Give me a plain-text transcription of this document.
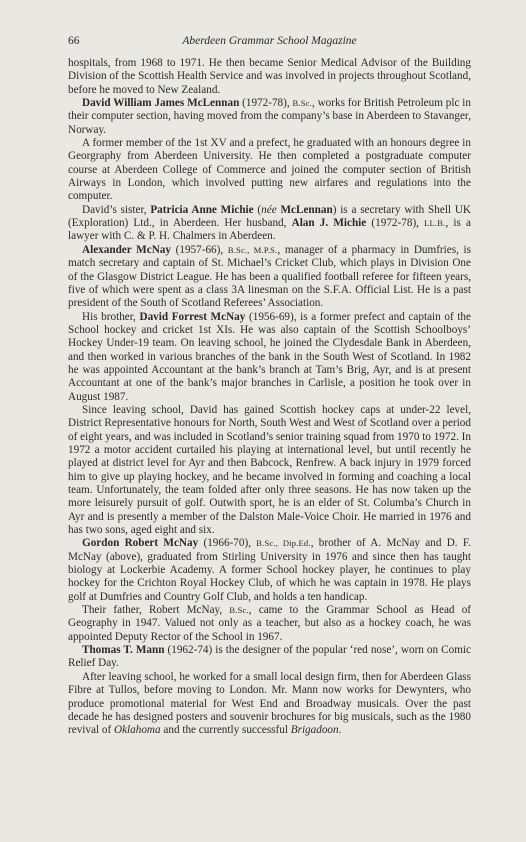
66	Aberdeen Grammar School Magazine

hospitals, from 1968 to 1971. He then became Senior Medical Advisor of the Building Division of the Scottish Health Service and was involved in projects throughout Scotland, before he moved to New Zealand.

David William James McLennan (1972-78), B.Sc., works for British Petroleum plc in their computer section, having moved from the company’s base in Aberdeen to Stavanger, Norway.

A former member of the 1st XV and a prefect, he graduated with an honours degree in Georgraphy from Aberdeen University. He then completed a postgraduate computer course at Aberdeen College of Commerce and joined the computer section of British Airways in London, which involved putting new airfares and regulations into the computer.

David’s sister, Patricia Anne Michie (née McLennan) is a secretary with Shell UK (Exploration) Ltd., in Aberdeen. Her husband, Alan J. Michie (1972-78), LL.B., is a lawyer with C. & P. H. Chalmers in Aberdeen.

Alexander McNay (1957-66), B.Sc., M.P.S., manager of a pharmacy in Dumfries, is match secretary and captain of St. Michael’s Cricket Club, which plays in Division One of the Glasgow District League. He has been a qualified football referee for fifteen years, five of which were spent as a class 3A linesman on the S.F.A. Official List. He is a past president of the South of Scotland Referees’ Association.

His brother, David Forrest McNay (1956-69), is a former prefect and captain of the School hockey and cricket 1st XIs. He was also captain of the Scottish Schoolboys’ Hockey Under-19 team. On leaving school, he joined the Clydesdale Bank in Aberdeen, and then worked in various branches of the bank in the South West of Scotland. In 1982 he was appointed Accountant at the bank’s branch at Tam’s Brig, Ayr, and is at present Accountant at one of the bank’s major branches in Carlisle, a position he took over in August 1987.

Since leaving school, David has gained Scottish hockey caps at under-22 level, District Representative honours for North, South West and West of Scotland over a period of eight years, and was included in Scotland’s senior training squad from 1970 to 1972. In 1972 a motor accident curtailed his playing at international level, but until recently he played at district level for Ayr and then Babcock, Renfrew. A back injury in 1979 forced him to give up playing hockey, and he became involved in forming and coaching a local team. Unfortunately, the team folded after only three seasons. He has now taken up the more leisurely pursuit of golf. Outwith sport, he is an elder of St. Columba’s Church in Ayr and is presently a member of the Dalston Male-Voice Choir. He married in 1976 and has two sons, aged eight and six.

Gordon Robert McNay (1966-70), B.Sc., Dip.Ed., brother of A. McNay and D. F. McNay (above), graduated from Stirling University in 1976 and since then has taught biology at Lockerbie Academy. A former School hockey player, he continues to play hockey for the Crichton Royal Hockey Club, of which he was captain in 1978. He plays golf at Dumfries and Country Golf Club, and holds a ten handicap.

Their father, Robert McNay, B.Sc., came to the Grammar School as Head of Geography in 1947. Valued not only as a teacher, but also as a hockey coach, he was appointed Deputy Rector of the School in 1967.

Thomas T. Mann (1962-74) is the designer of the popular ‘red nose’, worn on Comic Relief Day.

After leaving school, he worked for a small local design firm, then for Aberdeen Glass Fibre at Tullos, before moving to London. Mr. Mann now works for Dewynters, who produce promotional material for West End and Broadway musicals. Over the past decade he has designed posters and souvenir brochures for big musicals, such as the 1980 revival of Oklahoma and the currently successful Brigadoon.
